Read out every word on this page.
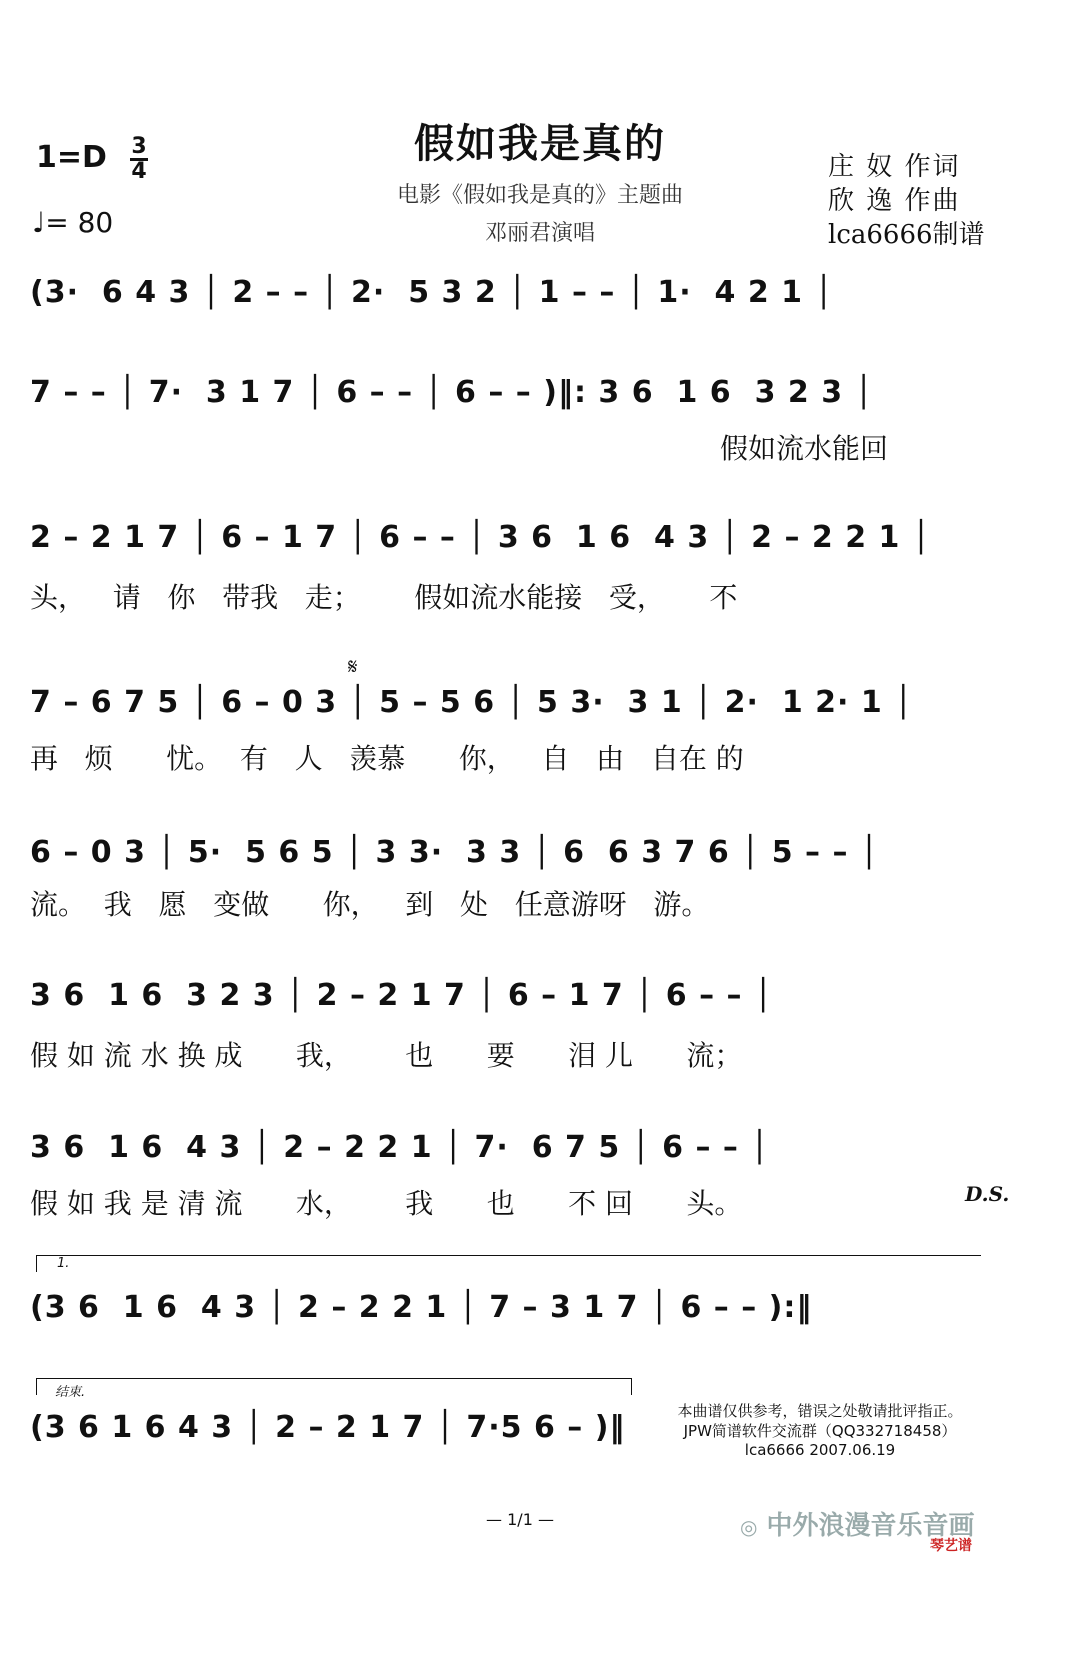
假如我是真的
电影《假如我是真的》主题曲
邓丽君演唱
1=D 3
4
♩= 80
庄 奴 作词
欣 逸 作曲
lca6666制谱
(3·  6 4 3 │ 2 – – │ 2·  5 3 2 │ 1 – – │ 1·  4 2 1 │
7 – – │ 7·  3 1 7 │ 6 – – │ 6 – – )‖: 3 6  1 6  3 2 3 │
假如流水能回
2 – 2 1 7 │ 6 – 1 7 │ 6 – – │ 3 6  1 6  4 3 │ 2 – 2 2 1 │
头，   请   你   带我   走；      假如流水能接   受，     不
𝄋
7 – 6 7 5 │ 6 – 0 3 │ 5 – 5 6 │ 5 3·  3 1 │ 2·  1 2· 1 │
再   烦      忧。  有   人   羡慕      你，   自   由   自在 的
6 – 0 3 │ 5·  5 6 5 │ 3 3·  3 3 │ 6  6 3 7 6 │ 5 – – │
流。  我   愿   变做      你，   到   处   任意游呀   游。
3 6  1 6  3 2 3 │ 2 – 2 1 7 │ 6 – 1 7 │ 6 – – │
假 如 流 水 换 成      我，      也      要      泪 儿      流；
3 6  1 6  4 3 │ 2 – 2 2 1 │ 7·  6 7 5 │ 6 – – │
假 如 我 是 清 流      水，      我      也      不 回      头。	D.S.
1.
(3 6  1 6  4 3 │ 2 – 2 2 1 │ 7 – 3 1 7 │ 6 – – ):‖
结束.
(3 6 1 6 4 3 │ 2 – 2 1 7 │ 7·5 6 – )‖	本曲谱仅供参考，错误之处敬请批评指正。
JPW简谱软件交流群（QQ332718458）
lca6666 2007.06.19
— 1/1 —	◎ 中外浪漫音乐音画
琴艺谱
